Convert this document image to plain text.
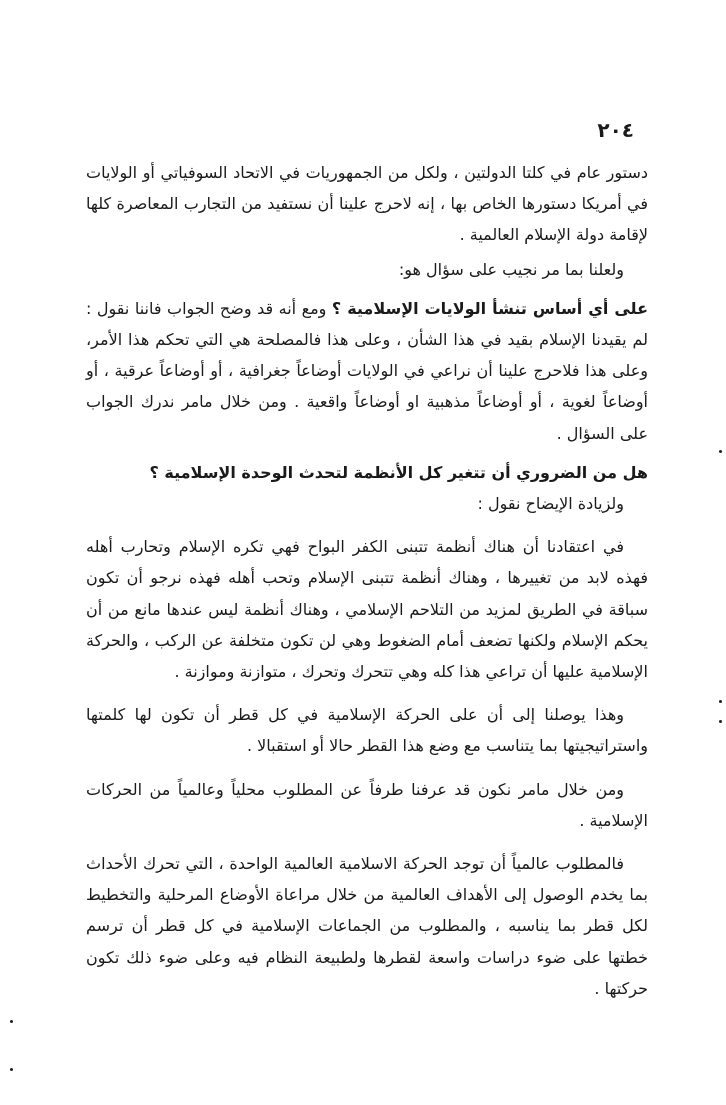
٢٠٤

دستور عام في كلتا الدولتين ، ولكل من الجمهوريات في الاتحاد السوفياتي أو الولايات في أمريكا دستورها الخاص بها ، إنه لاحرج علينا أن نستفيد من التجارب المعاصرة كلها لإقامة دولة الإسلام العالمية .

ولعلنا بما مر نجيب على سؤال هو:

على أي أساس تنشأ الولايات الإسلامية ؟ ومع أنه قد وضح الجواب فاننا نقول : لم يقيدنا الإسلام بقيد في هذا الشأن ، وعلى هذا فالمصلحة هي التي تحكم هذا الأمر، وعلى هذا فلاحرج علينا أن نراعي في الولايات أوضاعاً جغرافية ، أو أوضاعاً عرقية ، أو أوضاعاً لغوية ، أو أوضاعاً مذهبية او أوضاعاً واقعية . ومن خلال مامر ندرك الجواب على السؤال .

هل من الضروري أن تتغير كل الأنظمة لتحدث الوحدة الإسلامية ؟

ولزيادة الإيضاح نقول :

في اعتقادنا أن هناك أنظمة تتبنى الكفر البواح فهي تكره الإسلام وتحارب أهله فهذه لابد من تغييرها ، وهناك أنظمة تتبنى الإسلام وتحب أهله فهذه نرجو أن تكون سباقة في الطريق لمزيد من التلاحم الإسلامي ، وهناك أنظمة ليس عندها مانع من أن يحكم الإسلام ولكنها تضعف أمام الضغوط وهي لن تكون متخلفة عن الركب ، والحركة الإسلامية عليها أن تراعي هذا كله وهي تتحرك وتحرك ، متوازنة وموازنة .

وهذا يوصلنا إلى أن على الحركة الإسلامية في كل قطر أن تكون لها كلمتها واستراتيجيتها بما يتناسب مع وضع هذا القطر حالا أو استقبالا .

ومن خلال مامر نكون قد عرفنا طرفاً عن المطلوب محلياً وعالمياً من الحركات الإسلامية .

فالمطلوب عالمياً أن توجد الحركة الاسلامية العالمية الواحدة ، التي تحرك الأحداث بما يخدم الوصول إلى الأهداف العالمية من خلال مراعاة الأوضاع المرحلية والتخطيط لكل قطر بما يناسبه ، والمطلوب من الجماعات الإسلامية في كل قطر أن ترسم خطتها على ضوء دراسات واسعة لقطرها ولطبيعة النظام فيه وعلى ضوء ذلك تكون حركتها .
